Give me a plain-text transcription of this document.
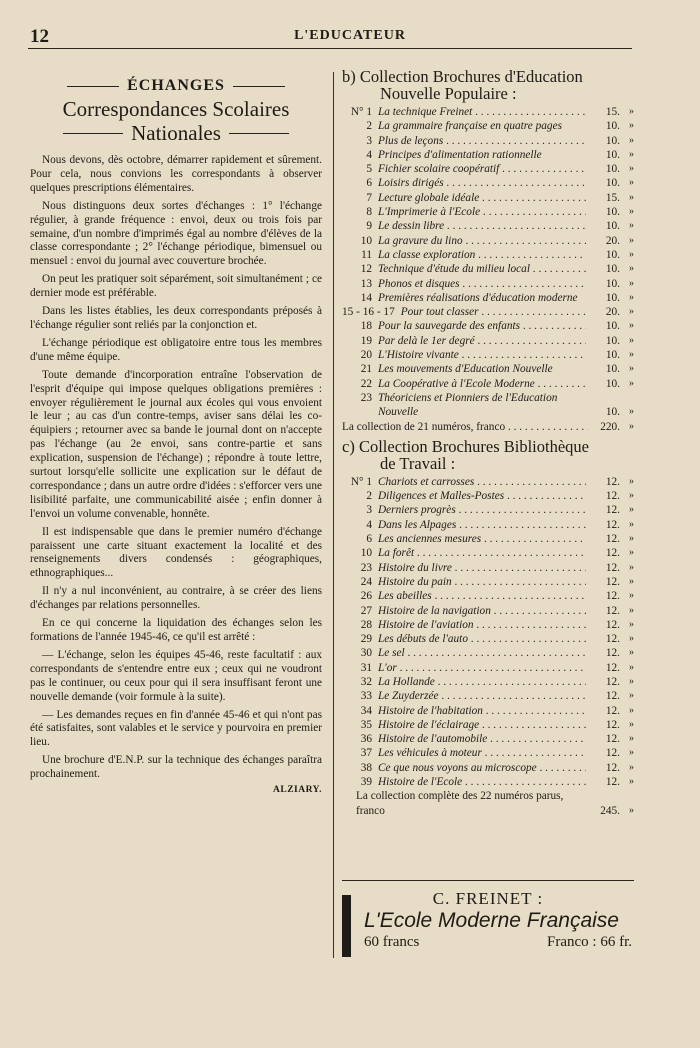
12	L'EDUCATEUR
ÉCHANGES
Correspondances Scolaires
Nationales

Nous devons, dès octobre, démarrer rapidement et sûrement. Pour cela, nous convions les correspondants à observer quelques prescriptions élémentaires.

Nous distinguons deux sortes d'échanges : 1° l'échange régulier, à grande fréquence : envoi, deux ou trois fois par semaine, d'un nombre d'imprimés égal au nombre d'élèves de la classe correspondante ; 2° l'échange périodique, bimensuel ou mensuel : envoi du journal avec couverture brochée.

On peut les pratiquer soit séparément, soit simultanément ; ce dernier mode est préférable.

Dans les listes établies, les deux correspondants préposés à l'échange régulier sont reliés par la conjonction et.

L'échange périodique est obligatoire entre tous les membres d'une même équipe.

Toute demande d'incorporation entraîne l'observation de l'esprit d'équipe qui impose quelques obligations premières : envoyer régulièrement le journal aux écoles qui vous envoient le leur ; au cas d'un contre-temps, aviser sans délai les co-équipiers ; retourner avec sa bande le journal dont on n'accepte pas l'échange (au 2e envoi, sans contre-partie et sans explication, suspension de l'échange) ; répondre à toute lettre, surtout lorsqu'elle sollicite une explication sur le défaut de correspondance ; dans un autre ordre d'idées : s'efforcer vers une lisibilité parfaite, une communicabilité aisée ; enfin donner à l'envoi un volume convenable, honnête.

Il est indispensable que dans le premier numéro d'échange paraissent une carte situant exactement la localité et des renseignements divers condensés : géographiques, ethnographiques...

Il n'y a nul inconvénient, au contraire, à se créer des liens d'échanges par relations personnelles.

En ce qui concerne la liquidation des échanges selon les formations de l'année 1945-46, ce qu'il est arrêté :

— L'échange, selon les équipes 45-46, reste facultatif : aux correspondants de s'entendre entre eux ; ceux qui ne voudront pas le continuer, ou ceux pour qui il sera insuffisant feront une nouvelle demande (voir formule à la suite).

— Les demandes reçues en fin d'année 45-46 et qui n'ont pas été satisfaites, sont valables et le service y pourvoira en premier lieu.

Une brochure d'E.N.P. sur la technique des échanges paraîtra prochainement.

ALZIARY.
b) Collection Brochures d'Education
Nouvelle Populaire :
N° 1 La technique Freinet . . .	15. »
2 La grammaire française en quatre pages	10. »
3 Plus de leçons . . .	10. »
4 Principes d'alimentation rationnelle	10. »
5 Fichier scolaire coopératif . . .	10. »
6 Loisirs dirigés . . .	10. »
7 Lecture globale idéale . . .	15. »
8 L'Imprimerie à l'Ecole . . .	10. »
9 Le dessin libre . . .	10. »
10 La gravure du lino . . .	20. »
11 La classe exploration . . .	10. »
12 Technique d'étude du milieu local . . .	10. »
13 Phonos et disques . . .	10. »
14 Premières réalisations d'éducation moderne	10. »
15 - 16 - 17 Pour tout classer . . .	20. »
18 Pour la sauvegarde des enfants . . .	10. »
19 Par delà le 1er degré . . .	10. »
20 L'Histoire vivante . . .	10. »
21 Les mouvements d'Education Nouvelle	10. »
22 La Coopérative à l'Ecole Moderne . . .	10. »
23 Théoriciens et Pionniers de l'Education Nouvelle	10. »
La collection de 21 numéros, franco . . .	220. »
c) Collection Brochures Bibliothèque
de Travail :
N° 1 Chariots et carrosses . . .	12. »
2 Diligences et Malles-Postes . . .	12. »
3 Derniers progrès . . .	12. »
4 Dans les Alpages . . .	12. »
6 Les anciennes mesures . . .	12. »
10 La forêt . . .	12. »
23 Histoire du livre . . .	12. »
24 Histoire du pain . . .	12. »
26 Les abeilles . . .	12. »
27 Histoire de la navigation . . .	12. »
28 Histoire de l'aviation . . .	12. »
29 Les débuts de l'auto . . .	12. »
30 Le sel . . .	12. »
31 L'or . . .	12. »
32 La Hollande . . .	12. »
33 Le Zuyderzée . . .	12. »
34 Histoire de l'habitation . . .	12. »
35 Histoire de l'éclairage . . .	12. »
36 Histoire de l'automobile . . .	12. »
37 Les véhicules à moteur . . .	12. »
38 Ce que nous voyons au microscope . . .	12. »
39 Histoire de l'Ecole . . .	12. »
La collection complète des 22 numéros parus, franco	245. »
C. FREINET :
L'Ecole Moderne Française
60 francs	Franco : 66 fr.
